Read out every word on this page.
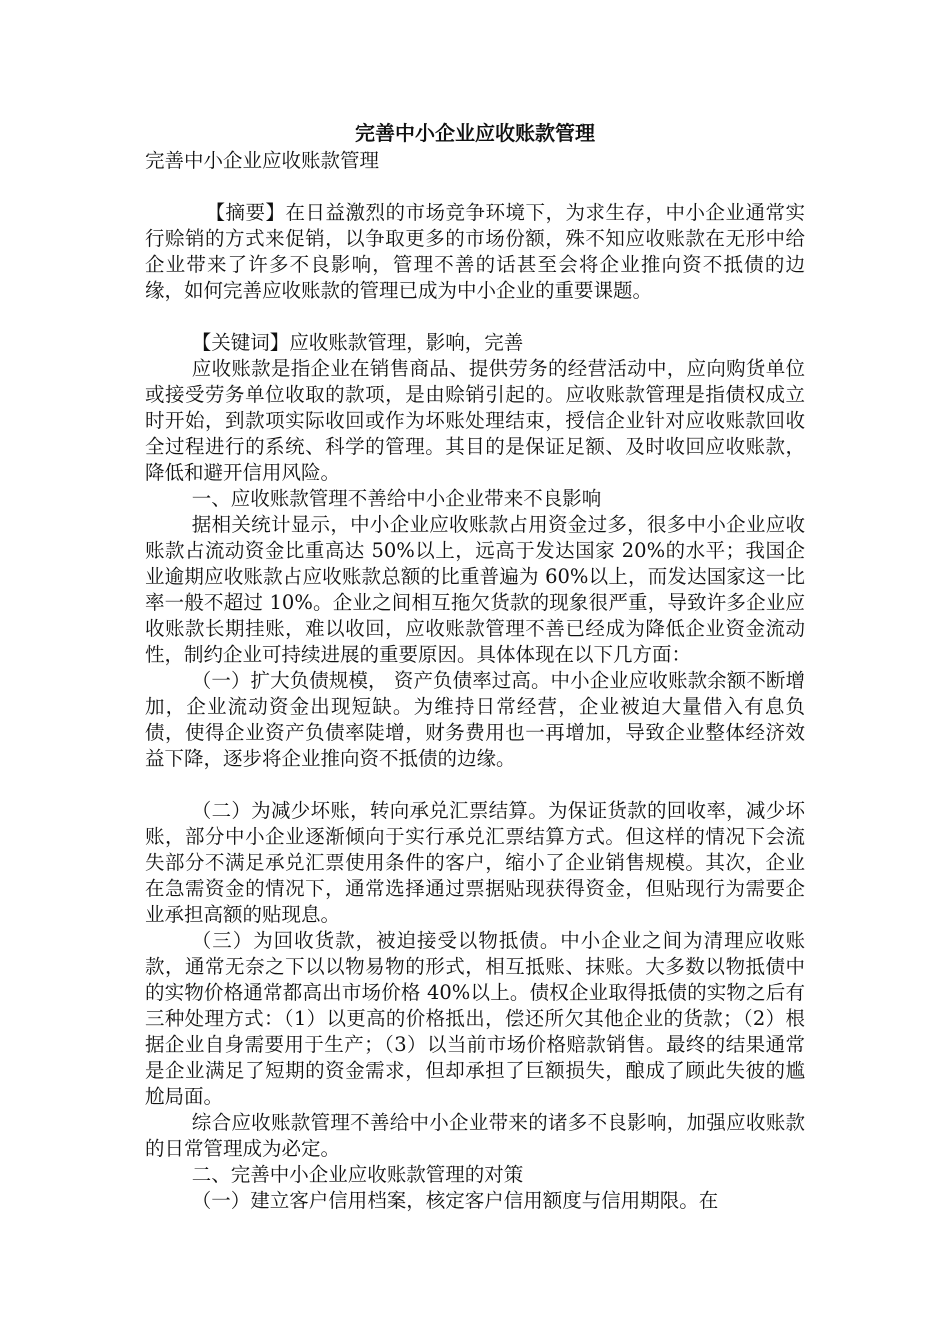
完善中小企业应收账款管理

完善中小企业应收账款管理

【摘要】在日益激烈的市场竞争环境下，为求生存，中小企业通常实行赊销的方式来促销，以争取更多的市场份额，殊不知应收账款在无形中给企业带来了许多不良影响，管理不善的话甚至会将企业推向资不抵债的边缘，如何完善应收账款的管理已成为中小企业的重要课题。

【关键词】应收账款管理，影响，完善

应收账款是指企业在销售商品、提供劳务的经营活动中，应向购货单位或接受劳务单位收取的款项，是由赊销引起的。应收账款管理是指债权成立时开始，到款项实际收回或作为坏账处理结束，授信企业针对应收账款回收全过程进行的系统、科学的管理。其目的是保证足额、及时收回应收账款，降低和避开信用风险。

一、应收账款管理不善给中小企业带来不良影响

据相关统计显示，中小企业应收账款占用资金过多，很多中小企业应收账款占流动资金比重高达 50%以上，远高于发达国家 20%的水平；我国企业逾期应收账款占应收账款总额的比重普遍为 60%以上，而发达国家这一比率一般不超过 10%。企业之间相互拖欠货款的现象很严重，导致许多企业应收账款长期挂账，难以收回，应收账款管理不善已经成为降低企业资金流动性，制约企业可持续进展的重要原因。具体体现在以下几方面：

（一）扩大负债规模， 资产负债率过高。中小企业应收账款余额不断增加，企业流动资金出现短缺。为维持日常经营，企业被迫大量借入有息负债，使得企业资产负债率陡增，财务费用也一再增加，导致企业整体经济效益下降，逐步将企业推向资不抵债的边缘。

（二）为减少坏账，转向承兑汇票结算。为保证货款的回收率，减少坏账，部分中小企业逐渐倾向于实行承兑汇票结算方式。但这样的情况下会流失部分不满足承兑汇票使用条件的客户，缩小了企业销售规模。其次，企业在急需资金的情况下，通常选择通过票据贴现获得资金，但贴现行为需要企业承担高额的贴现息。

（三）为回收货款，被迫接受以物抵债。中小企业之间为清理应收账款，通常无奈之下以以物易物的形式，相互抵账、抹账。大多数以物抵债中的实物价格通常都高出市场价格 40%以上。债权企业取得抵债的实物之后有三种处理方式：（1）以更高的价格抵出，偿还所欠其他企业的货款；（2）根据企业自身需要用于生产；（3）以当前市场价格赔款销售。最终的结果通常是企业满足了短期的资金需求，但却承担了巨额损失，酿成了顾此失彼的尴尬局面。

综合应收账款管理不善给中小企业带来的诸多不良影响，加强应收账款的日常管理成为必定。

二、完善中小企业应收账款管理的对策

（一）建立客户信用档案，核定客户信用额度与信用期限。在
